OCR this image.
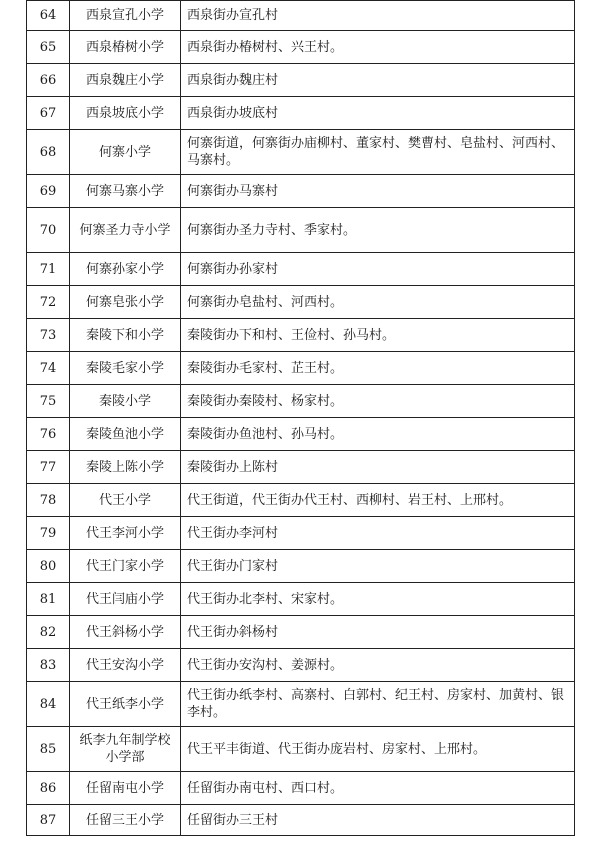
64	西泉宣孔小学	西泉街办宣孔村
65	西泉椿树小学	西泉街办椿树村、兴王村。
66	西泉魏庄小学	西泉街办魏庄村
67	西泉坡底小学	西泉街办坡底村
68	何寨小学	何寨街道，何寨街办庙柳村、董家村、樊曹村、皂盐村、河西村、马寨村。
69	何寨马寨小学	何寨街办马寨村
70	何寨圣力寺小学	何寨街办圣力寺村、季家村。
71	何寨孙家小学	何寨街办孙家村
72	何寨皂张小学	何寨街办皂盐村、河西村。
73	秦陵下和小学	秦陵街办下和村、王俭村、孙马村。
74	秦陵毛家小学	秦陵街办毛家村、芷王村。
75	秦陵小学	秦陵街办秦陵村、杨家村。
76	秦陵鱼池小学	秦陵街办鱼池村、孙马村。
77	秦陵上陈小学	秦陵街办上陈村
78	代王小学	代王街道，代王街办代王村、西柳村、岩王村、上邢村。
79	代王李河小学	代王街办李河村
80	代王门家小学	代王街办门家村
81	代王闫庙小学	代王街办北李村、宋家村。
82	代王斜杨小学	代王街办斜杨村
83	代王安沟小学	代王街办安沟村、姜源村。
84	代王纸李小学	代王街办纸李村、高寨村、白郭村、纪王村、房家村、加黄村、银李村。
85	纸李九年制学校小学部	代王平丰街道、代王街办庞岩村、房家村、上邢村。
86	任留南屯小学	任留街办南屯村、西口村。
87	任留三王小学	任留街办三王村
